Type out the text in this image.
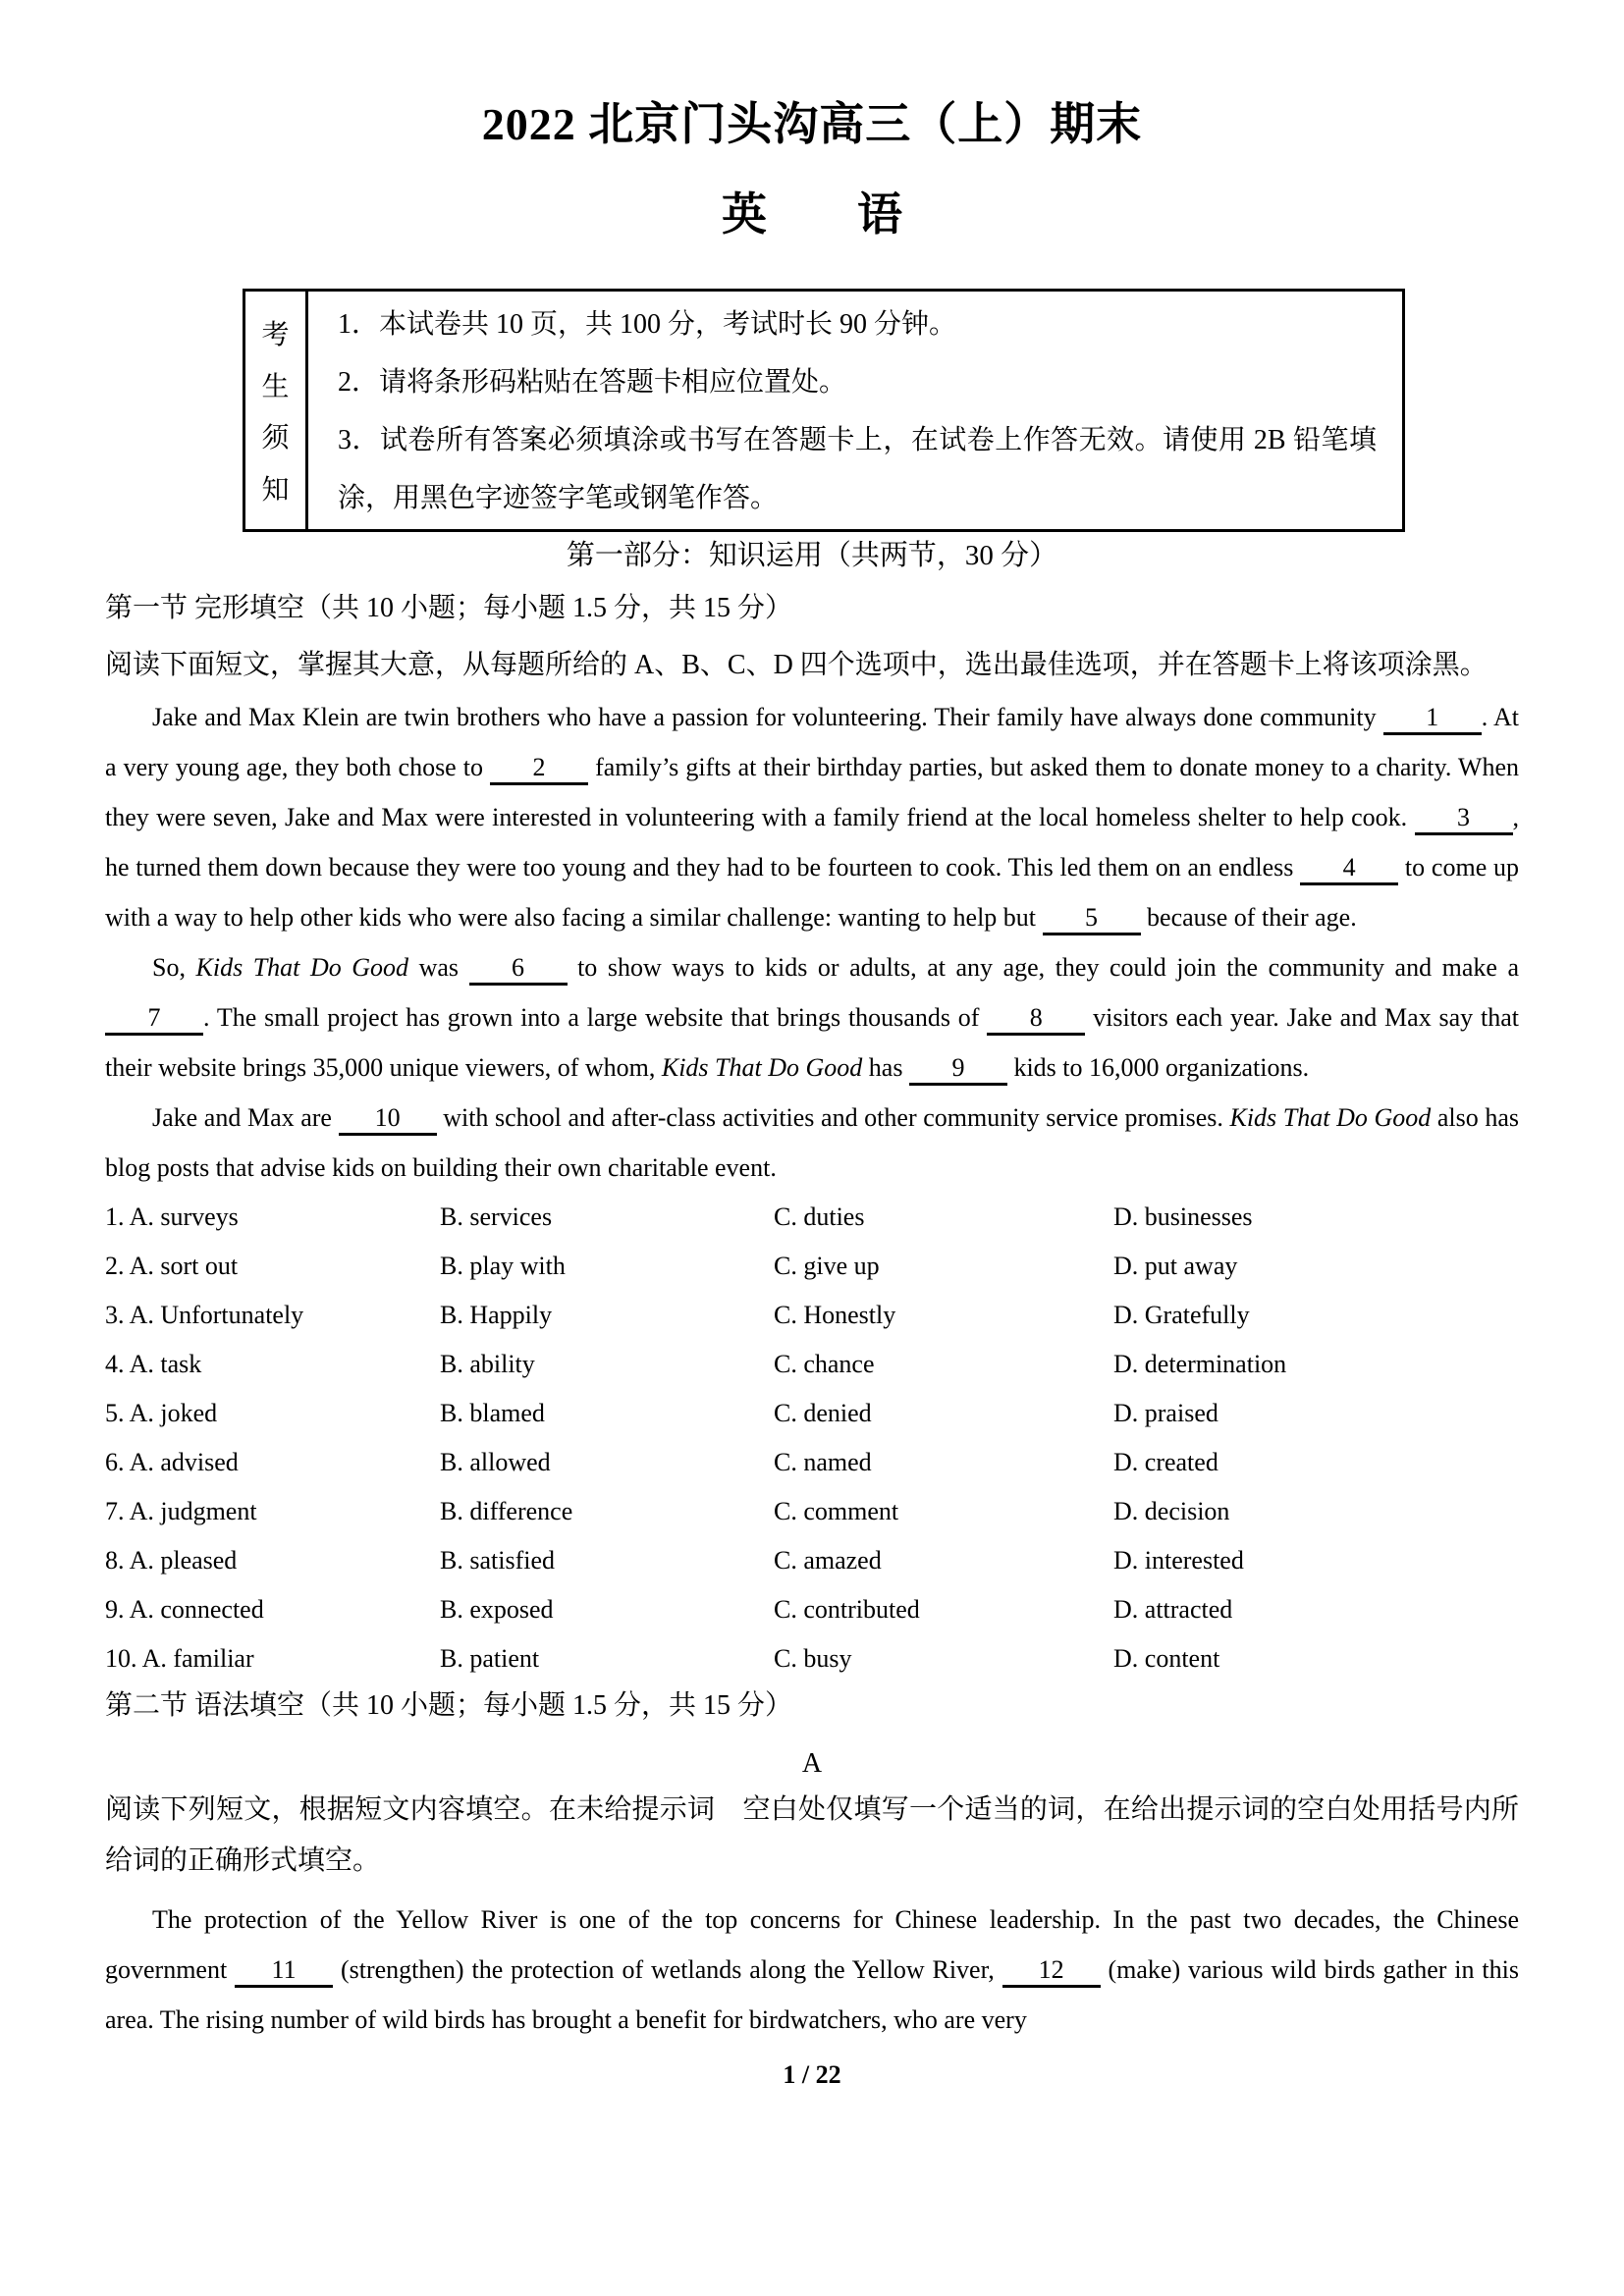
2022 北京门头沟高三（上）期末
英　　语
考
生
须
知

1．本试卷共 10 页，共 100 分，考试时长 90 分钟。

2．请将条形码粘贴在答题卡相应位置处。

3．试卷所有答案必须填涂或书写在答题卡上，在试卷上作答无效。请使用 2B 铅笔填涂，用黑色字迹签字笔或钢笔作答。

第一部分：知识运用（共两节，30 分）
第一节 完形填空（共 10 小题；每小题 1.5 分，共 15 分）
阅读下面短文，掌握其大意，从每题所给的 A、B、C、D 四个选项中，选出最佳选项，并在答题卡上将该项涂黑。

Jake and Max Klein are twin brothers who have a passion for volunteering. Their family have always done community 1 . At a very young age, they both chose to 2 family’s gifts at their birthday parties, but asked them to donate money to a charity. When they were seven, Jake and Max were interested in volunteering with a family friend at the local homeless shelter to help cook. 3 , he turned them down because they were too young and they had to be fourteen to cook. This led them on an endless 4 to come up with a way to help other kids who were also facing a similar challenge: wanting to help but 5 because of their age.

So, Kids That Do Good was 6 to show ways to kids or adults, at any age, they could join the community and make a 7 . The small project has grown into a large website that brings thousands of 8 visitors each year. Jake and Max say that their website brings 35,000 unique viewers, of whom, Kids That Do Good has 9 kids to 16,000 organizations.

Jake and Max are 10 with school and after-class activities and other community service promises. Kids That Do Good also has blog posts that advise kids on building their own charitable event.

1. A. surveys	B. services	C. duties	D. businesses
2. A. sort out	B. play with	C. give up	D. put away
3. A. Unfortunately	B. Happily	C. Honestly	D. Gratefully
4. A. task	B. ability	C. chance	D. determination
5. A. joked	B. blamed	C. denied	D. praised
6. A. advised	B. allowed	C. named	D. created
7. A. judgment	B. difference	C. comment	D. decision
8. A. pleased	B. satisfied	C. amazed	D. interested
9. A. connected	B. exposed	C. contributed	D. attracted
10. A. familiar	B. patient	C. busy	D. content
第二节 语法填空（共 10 小题；每小题 1.5 分，共 15 分）
A
阅读下列短文，根据短文内容填空。在未给提示词　空白处仅填写一个适当的词，在给出提示词的空白处用括号内所给词的正确形式填空。

The protection of the Yellow River is one of the top concerns for Chinese leadership. In the past two decades, the Chinese government 11 (strengthen) the protection of wetlands along the Yellow River, 12 (make) various wild birds gather in this area. The rising number of wild birds has brought a benefit for birdwatchers, who are very

1 / 22
